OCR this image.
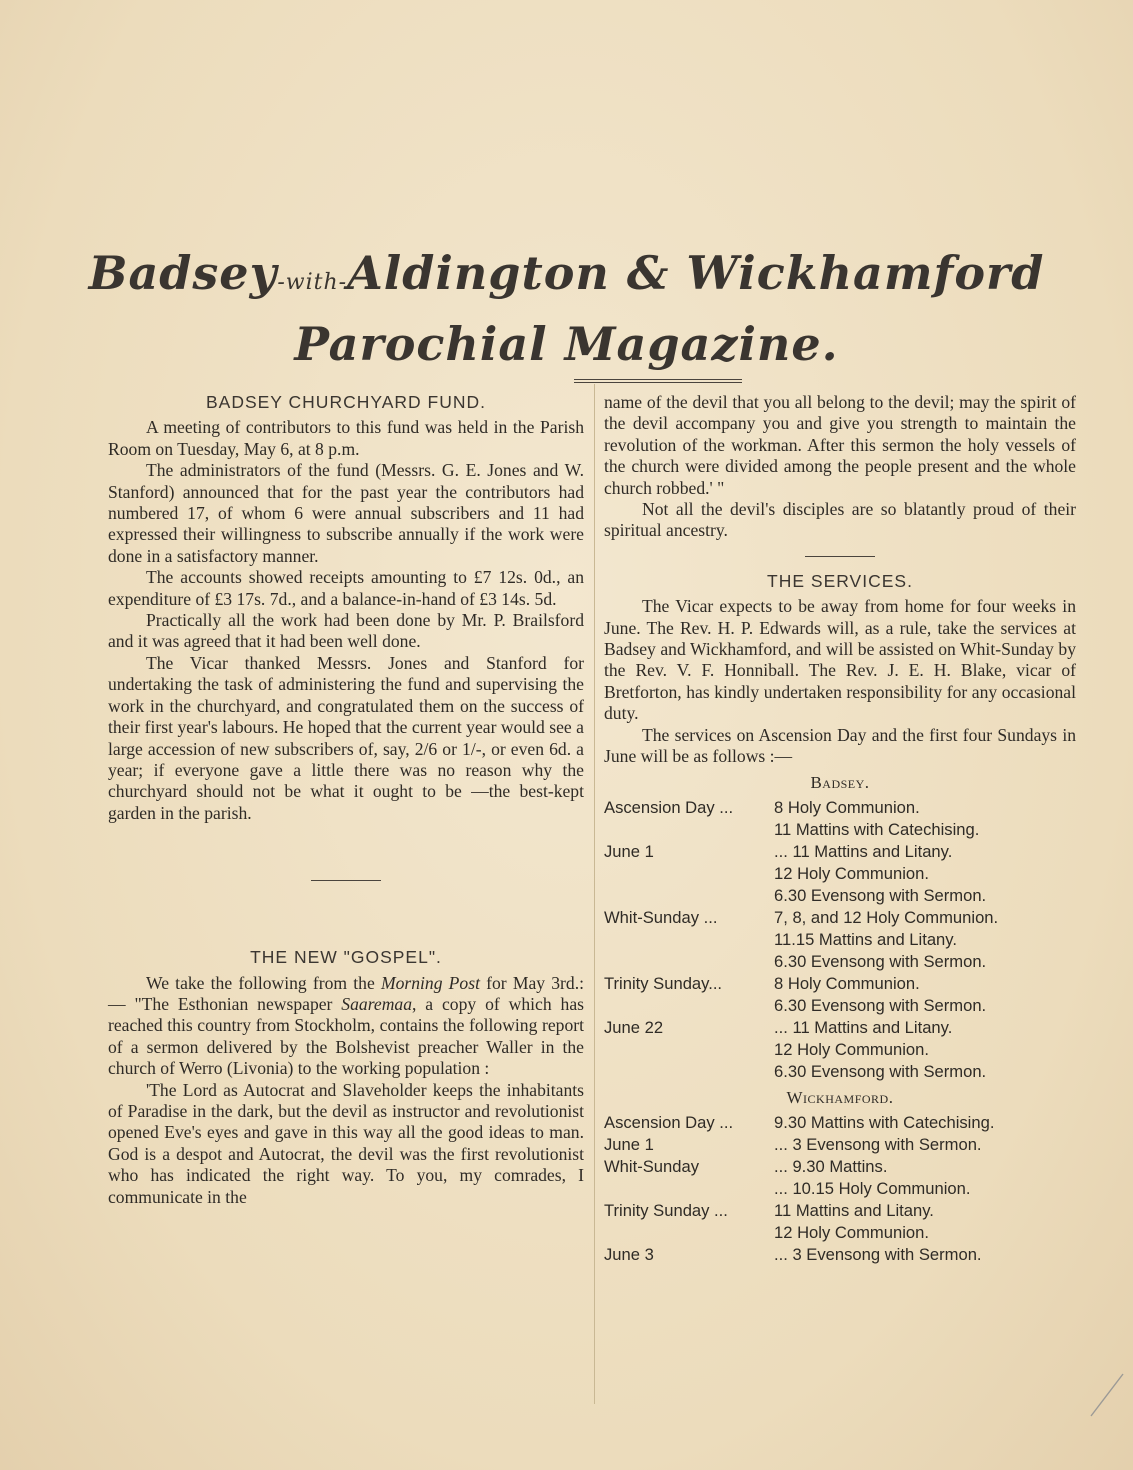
Badsey-with-Aldington & Wickhamford
Parochial Magazine.
BADSEY CHURCHYARD FUND.

A meeting of contributors to this fund was held in the Parish Room on Tuesday, May 6, at 8 p.m.

The administrators of the fund (Messrs. G. E. Jones and W. Stanford) announced that for the past year the contributors had numbered 17, of whom 6 were annual subscribers and 11 had expressed their willingness to subscribe annually if the work were done in a satisfactory manner.

The accounts showed receipts amounting to £7 12s. 0d., an expenditure of £3 17s. 7d., and a balance-in-hand of £3 14s. 5d.

Practically all the work had been done by Mr. P. Brailsford and it was agreed that it had been well done.

The Vicar thanked Messrs. Jones and Stanford for undertaking the task of administering the fund and supervising the work in the churchyard, and congratulated them on the success of their first year's labours. He hoped that the current year would see a large accession of new subscribers of, say, 2/6 or 1/-, or even 6d. a year; if everyone gave a little there was no reason why the churchyard should not be what it ought to be —the best-kept garden in the parish.

THE NEW "GOSPEL".

We take the following from the Morning Post for May 3rd.: — "The Esthonian newspaper Saaremaa, a copy of which has reached this country from Stockholm, contains the following report of a sermon delivered by the Bolshevist preacher Waller in the church of Werro (Livonia) to the working population :

'The Lord as Autocrat and Slaveholder keeps the inhabitants of Paradise in the dark, but the devil as instructor and revolutionist opened Eve's eyes and gave in this way all the good ideas to man. God is a despot and Autocrat, the devil was the first revolutionist who has indicated the right way. To you, my comrades, I communicate in the

name of the devil that you all belong to the devil; may the spirit of the devil accompany you and give you strength to maintain the revolution of the workman. After this sermon the holy vessels of the church were divided among the people present and the whole church robbed.' "

Not all the devil's disciples are so blatantly proud of their spiritual ancestry.

THE SERVICES.

The Vicar expects to be away from home for four weeks in June. The Rev. H. P. Edwards will, as a rule, take the services at Badsey and Wickhamford, and will be assisted on Whit-Sunday by the Rev. V. F. Honniball. The Rev. J. E. H. Blake, vicar of Bretforton, has kindly undertaken responsibility for any occasional duty.

The services on Ascension Day and the first four Sundays in June will be as follows :—

Badsey.
Ascension Day ...	8 Holy Communion.
11 Mattins with Catechising.

June 1	... 11 Mattins and Litany.
12 Holy Communion.
6.30 Evensong with Sermon.

Whit-Sunday ...	7, 8, and 12 Holy Communion.
11.15 Mattins and Litany.
6.30 Evensong with Sermon.

Trinity Sunday...	8 Holy Communion.
6.30 Evensong with Sermon.

June 22	... 11 Mattins and Litany.
12 Holy Communion.
6.30 Evensong with Sermon.
Wickhamford.
Ascension Day ...	9.30 Mattins with Catechising.

June 1	... 3 Evensong with Sermon.

Whit-Sunday	... 9.30 Mattins.
... 10.15 Holy Communion.

Trinity Sunday ...	11 Mattins and Litany.
12 Holy Communion.

June 3	... 3 Evensong with Sermon.
